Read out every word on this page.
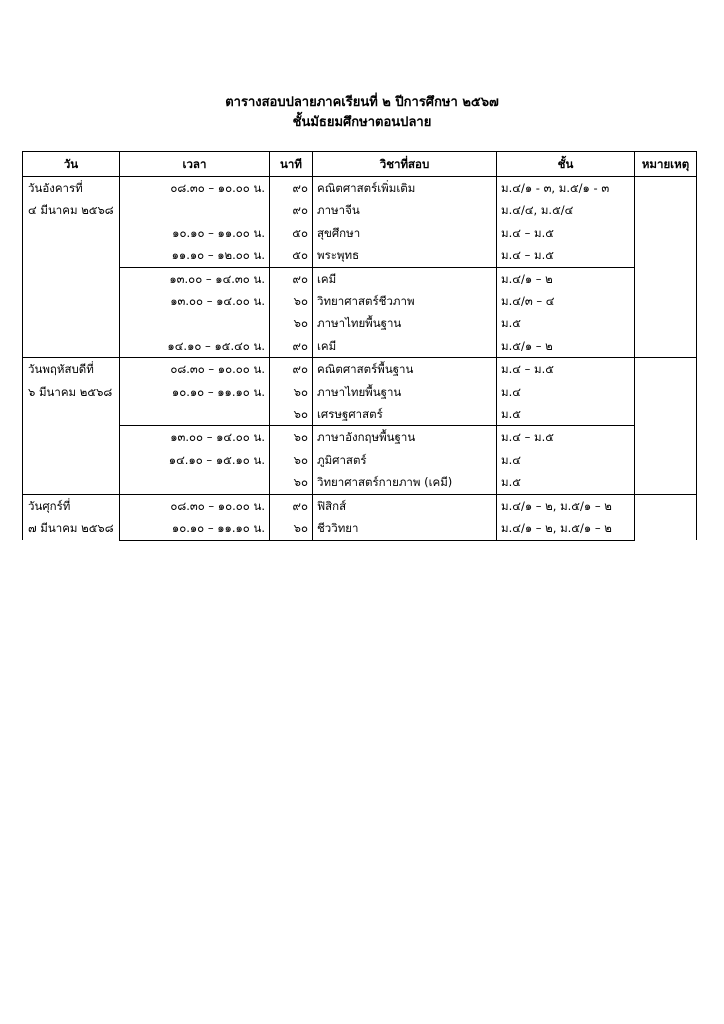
ตารางสอบปลายภาคเรียนที่ ๒ ปีการศึกษา ๒๕๖๗
ชั้นมัธยมศึกษาตอนปลาย
วัน	เวลา	นาที	วิชาที่สอบ	ชั้น	หมายเหตุ

วันอังคารที่
๔ มีนาคม ๒๕๖๘	๐๘.๓๐ – ๑๐.๐๐ น.	๙๐	คณิตศาสตร์เพิ่มเติม	ม.๔/๑ - ๓, ม.๕/๑ - ๓	
		๙๐	ภาษาจีน	ม.๔/๔, ม.๕/๔	
	๑๐.๑๐ – ๑๑.๐๐ น.	๕๐	สุขศึกษา	ม.๔ – ม.๕	
	๑๑.๑๐ – ๑๒.๐๐ น.	๕๐	พระพุทธ	ม.๔ – ม.๕	
	๑๓.๐๐ – ๑๔.๓๐ น.	๙๐	เคมี	ม.๔/๑ – ๒	
	๑๓.๐๐ – ๑๔.๐๐ น.	๖๐	วิทยาศาสตร์ชีวภาพ	ม.๔/๓ – ๔	
		๖๐	ภาษาไทยพื้นฐาน	ม.๕	
	๑๔.๑๐ – ๑๕.๔๐ น.	๙๐	เคมี	ม.๕/๑ – ๒	

วันพฤหัสบดีที่
๖ มีนาคม ๒๕๖๘	๐๘.๓๐ – ๑๐.๐๐ น.	๙๐	คณิตศาสตร์พื้นฐาน	ม.๔ – ม.๕	
	๑๐.๑๐ – ๑๑.๑๐ น.	๖๐	ภาษาไทยพื้นฐาน	ม.๔	
		๖๐	เศรษฐศาสตร์	ม.๕	
	๑๓.๐๐ – ๑๔.๐๐ น.	๖๐	ภาษาอังกฤษพื้นฐาน	ม.๔ – ม.๕	
	๑๔.๑๐ – ๑๕.๑๐ น.	๖๐	ภูมิศาสตร์	ม.๔	
		๖๐	วิทยาศาสตร์กายภาพ (เคมี)	ม.๕	

วันศุกร์ที่
๗ มีนาคม ๒๕๖๘	๐๘.๓๐ – ๑๐.๐๐ น.	๙๐	ฟิสิกส์	ม.๔/๑ – ๒, ม.๕/๑ – ๒	
	๑๐.๑๐ – ๑๑.๑๐ น.	๖๐	ชีววิทยา	ม.๔/๑ – ๒, ม.๕/๑ – ๒	
